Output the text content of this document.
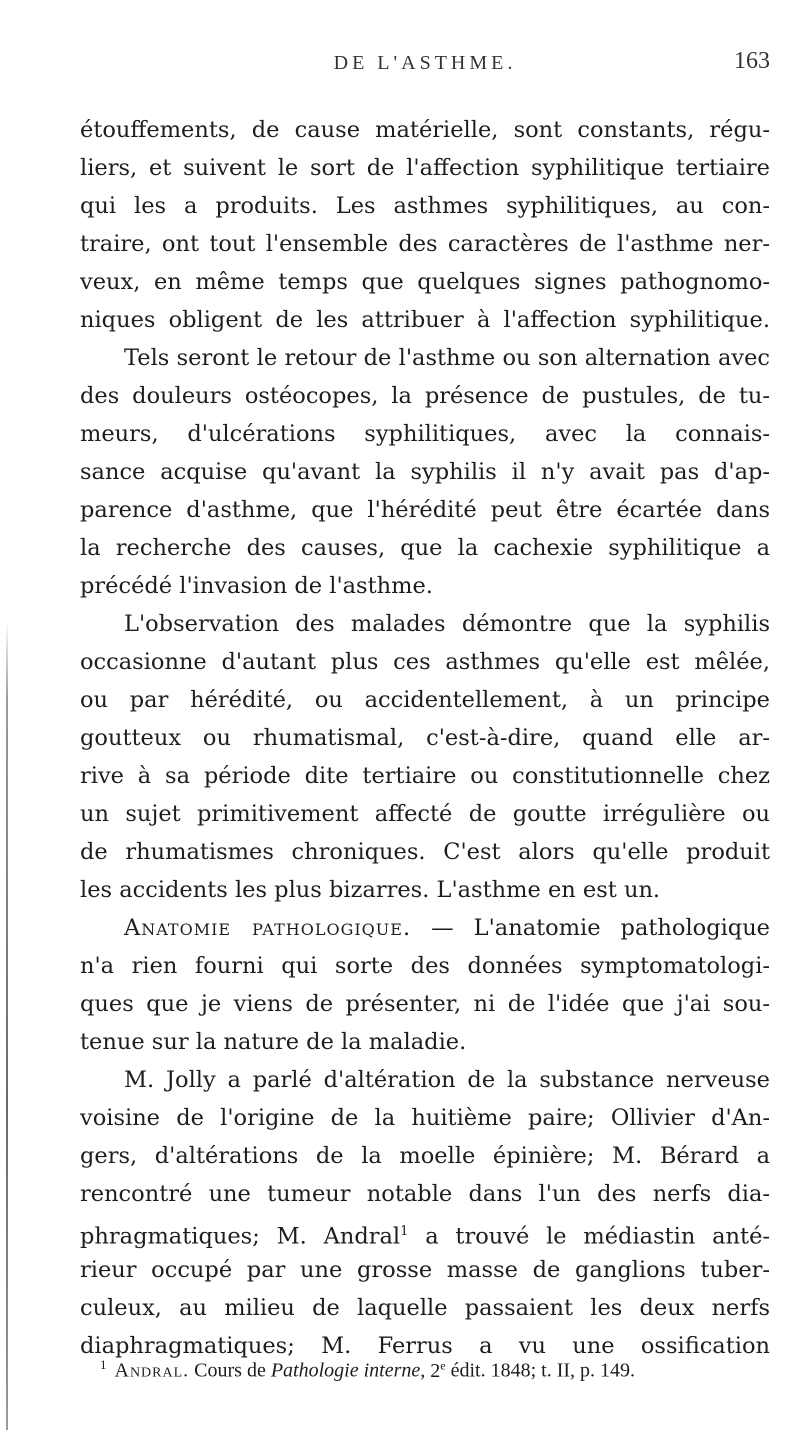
DE L'ASTHME.	163
étouffements, de cause matérielle, sont constants, régu-
liers, et suivent le sort de l'affection syphilitique tertiaire
qui les a produits. Les asthmes syphilitiques, au con-
traire, ont tout l'ensemble des caractères de l'asthme ner-
veux, en même temps que quelques signes pathognomo-
niques obligent de les attribuer à l'affection syphilitique.
Tels seront le retour de l'asthme ou son alternation avec
des douleurs ostéocopes, la présence de pustules, de tu-
meurs, d'ulcérations syphilitiques, avec la connais-
sance acquise qu'avant la syphilis il n'y avait pas d'ap-
parence d'asthme, que l'hérédité peut être écartée dans
la recherche des causes, que la cachexie syphilitique a
précédé l'invasion de l'asthme.
L'observation des malades démontre que la syphilis
occasionne d'autant plus ces asthmes qu'elle est mêlée,
ou par hérédité, ou accidentellement, à un principe
goutteux ou rhumatismal, c'est-à-dire, quand elle ar-
rive à sa période dite tertiaire ou constitutionnelle chez
un sujet primitivement affecté de goutte irrégulière ou
de rhumatismes chroniques. C'est alors qu'elle produit
les accidents les plus bizarres. L'asthme en est un.
Anatomie pathologique. — L'anatomie pathologique
n'a rien fourni qui sorte des données symptomatologi-
ques que je viens de présenter, ni de l'idée que j'ai sou-
tenue sur la nature de la maladie.
M. Jolly a parlé d'altération de la substance nerveuse
voisine de l'origine de la huitième paire; Ollivier d'An-
gers, d'altérations de la moelle épinière; M. Bérard a
rencontré une tumeur notable dans l'un des nerfs dia-
phragmatiques; M. Andral$^1$ a trouvé le médiastin anté-
rieur occupé par une grosse masse de ganglions tuber-
culeux, au milieu de laquelle passaient les deux nerfs
diaphragmatiques; M. Ferrus a vu une ossification
$^1$ Andral. Cours de Pathologie interne, 2e édit. 1848; t. II, p. 149.
